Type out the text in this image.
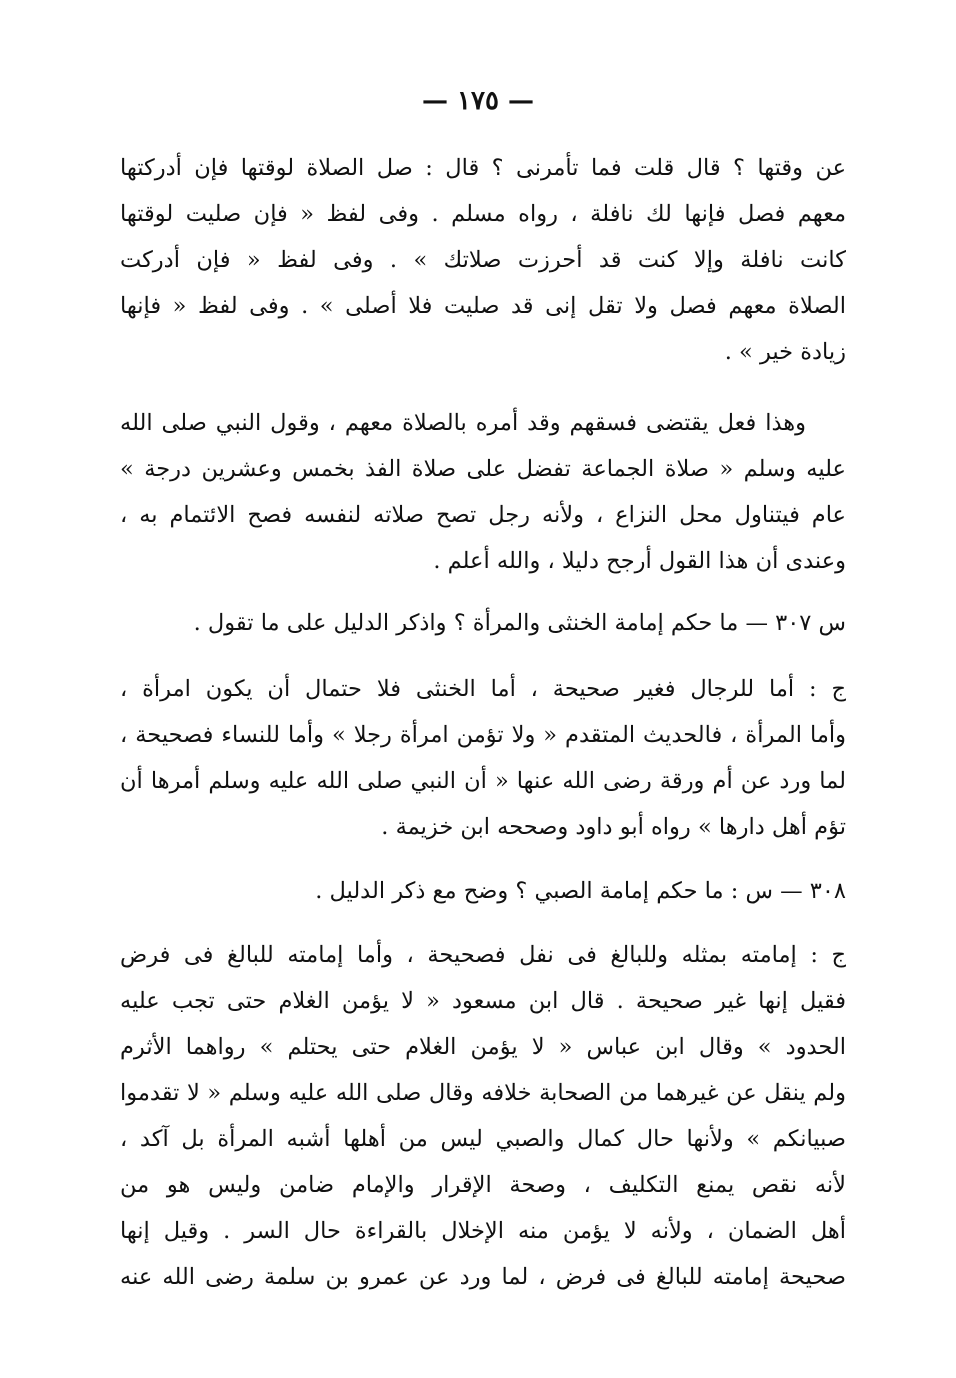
— ١٧٥ —
عن وقتها ؟ قال قلت فما تأمرنى ؟ قال : صل الصلاة لوقتها فإن أدركتها
معهم فصل فإنها لك نافلة ، رواه مسلم . وفى لفظ « فإن صليت لوقتها
كانت نافلة وإلا كنت قد أحرزت صلاتك » . وفى لفظ « فإن أدركت
الصلاة معهم فصل ولا تقل إنى قد صليت فلا أصلى » . وفى لفظ « فإنها
زيادة خير » .
وهذا فعل يقتضى فسقهم وقد أمره بالصلاة معهم ، وقول النبي صلى الله
عليه وسلم « صلاة الجماعة تفضل على صلاة الفذ بخمس وعشرين درجة »
عام فيتناول محل النزاع ، ولأنه رجل تصح صلاته لنفسه فصح الائتمام به ،
وعندى أن هذا القول أرجح دليلا ، والله أعلم .
س ٣٠٧ — ما حكم إمامة الخنثى والمرأة ؟ واذكر الدليل على ما تقول .
ج : أما للرجال فغير صحيحة ، أما الخنثى فلا حتمال أن يكون امرأة ،
وأما المرأة ، فالحديث المتقدم « ولا تؤمن امرأة رجلا » وأما للنساء فصحيحة ،
لما ورد عن أم ورقة رضى الله عنها « أن النبي صلى الله عليه وسلم أمرها أن
تؤم أهل دارها » رواه أبو داود وصححه ابن خزيمة .
٣٠٨ — س : ما حكم إمامة الصبي ؟ وضح مع ذكر الدليل .
ج : إمامته بمثله وللبالغ فى نفل فصحيحة ، وأما إمامته للبالغ فى فرض
فقيل إنها غير صحيحة . قال ابن مسعود « لا يؤمن الغلام حتى تجب عليه
الحدود » وقال ابن عباس « لا يؤمن الغلام حتى يحتلم » رواهما الأثرم
ولم ينقل عن غيرهما من الصحابة خلافه وقال صلى الله عليه وسلم « لا تقدموا
صبيانكم » ولأنها حال كمال والصبي ليس من أهلها أشبه المرأة بل آكد ،
لأنه نقص يمنع التكليف ، وصحة الإقرار والإمام ضامن وليس هو من
أهل الضمان ، ولأنه لا يؤمن منه الإخلال بالقراءة حال السر . وقيل إنها
صحيحة إمامته للبالغ فى فرض ، لما ورد عن عمرو بن سلمة رضى الله عنه
